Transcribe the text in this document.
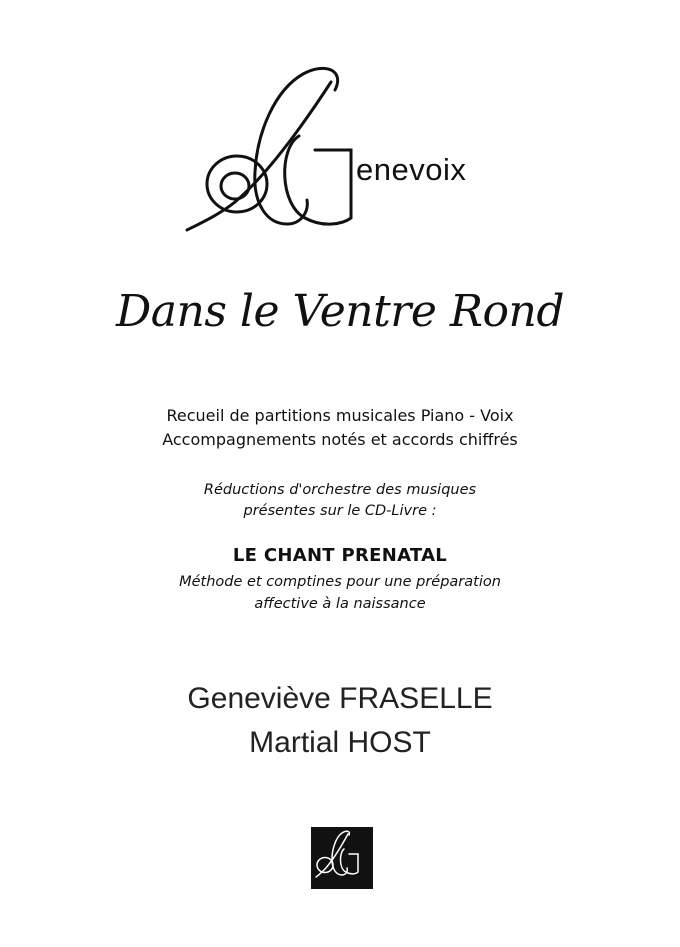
enevoix
Dans le Ventre Rond
Recueil de partitions musicales Piano - Voix
Accompagnements notés et accords chiffrés
Réductions d'orchestre des musiques
présentes sur le CD-Livre :
LE CHANT PRENATAL
Méthode et comptines pour une préparation
affective à la naissance
Geneviève FRASELLE
Martial HOST
